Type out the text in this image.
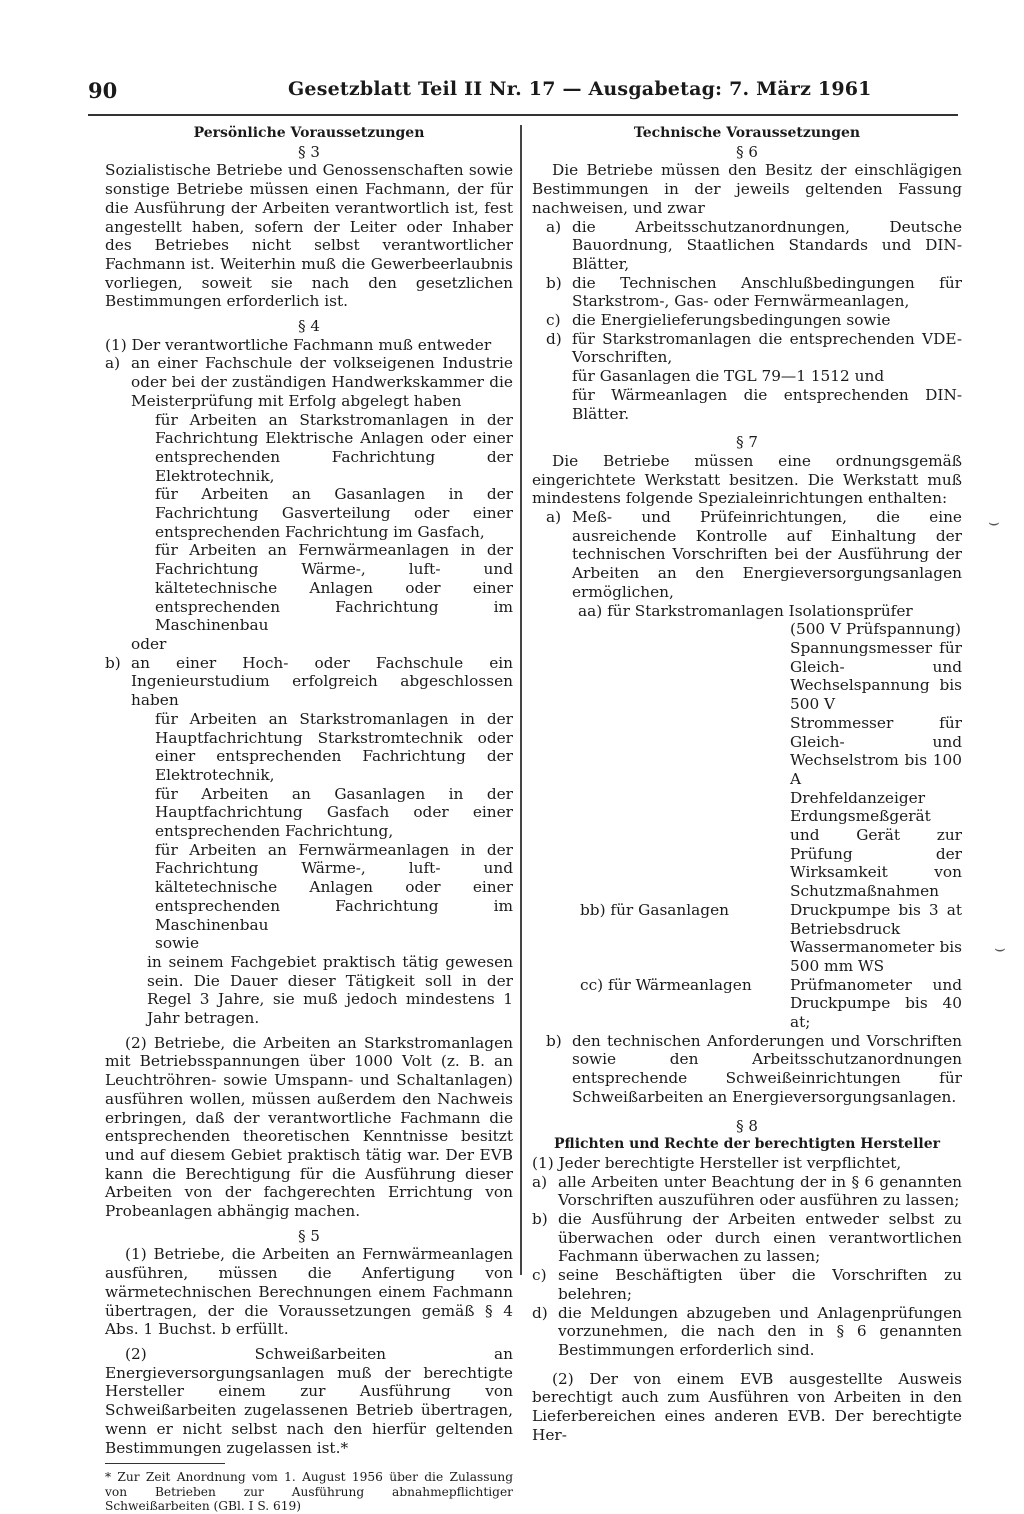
90	Gesetzblatt Teil II Nr. 17 — Ausgabetag: 7. März 1961

Persönliche Voraussetzungen

§ 3

Sozialistische Betriebe und Genossenschaften sowie sonstige Betriebe müssen einen Fachmann, der für die Ausführung der Arbeiten verantwortlich ist, fest angestellt haben, sofern der Leiter oder Inhaber des Betriebes nicht selbst verantwortlicher Fachmann ist. Weiterhin muß die Gewerbeerlaubnis vorliegen, soweit sie nach den gesetzlichen Bestimmungen erforderlich ist.

§ 4

(1) Der verantwortliche Fachmann muß entweder

a) an einer Fachschule der volkseigenen Industrie oder bei der zuständigen Handwerkskammer die Meisterprüfung mit Erfolg abgelegt haben

für Arbeiten an Starkstromanlagen in der Fachrichtung Elektrische Anlagen oder einer entsprechenden Fachrichtung der Elektrotechnik,

für Arbeiten an Gasanlagen in der Fachrichtung Gasverteilung oder einer entsprechenden Fachrichtung im Gasfach,

für Arbeiten an Fernwärmeanlagen in der Fachrichtung Wärme-, luft- und kältetechnische Anlagen oder einer entsprechenden Fachrichtung im Maschinenbau

oder

b) an einer Hoch- oder Fachschule ein Ingenieurstudium erfolgreich abgeschlossen haben

für Arbeiten an Starkstromanlagen in der Hauptfachrichtung Starkstromtechnik oder einer entsprechenden Fachrichtung der Elektrotechnik,

für Arbeiten an Gasanlagen in der Hauptfachrichtung Gasfach oder einer entsprechenden Fachrichtung,

für Arbeiten an Fernwärmeanlagen in der Fachrichtung Wärme-, luft- und kältetechnische Anlagen oder einer entsprechenden Fachrichtung im Maschinenbau

sowie

in seinem Fachgebiet praktisch tätig gewesen sein. Die Dauer dieser Tätigkeit soll in der Regel 3 Jahre, sie muß jedoch mindestens 1 Jahr betragen.

(2) Betriebe, die Arbeiten an Starkstromanlagen mit Betriebsspannungen über 1000 Volt (z. B. an Leuchtröhren- sowie Umspann- und Schaltanlagen) ausführen wollen, müssen außerdem den Nachweis erbringen, daß der verantwortliche Fachmann die entsprechenden theoretischen Kenntnisse besitzt und auf diesem Gebiet praktisch tätig war. Der EVB kann die Berechtigung für die Ausführung dieser Arbeiten von der fachgerechten Errichtung von Probeanlagen abhängig machen.

§ 5

(1) Betriebe, die Arbeiten an Fernwärmeanlagen ausführen, müssen die Anfertigung von wärmetechnischen Berechnungen einem Fachmann übertragen, der die Voraussetzungen gemäß § 4 Abs. 1 Buchst. b erfüllt.

(2) Schweißarbeiten an Energieversorgungsanlagen muß der berechtigte Hersteller einem zur Ausführung von Schweißarbeiten zugelassenen Betrieb übertragen, wenn er nicht selbst nach den hierfür geltenden Bestimmungen zugelassen ist.*

* Zur Zeit Anordnung vom 1. August 1956 über die Zulassung von Betrieben zur Ausführung abnahmepflichtiger Schweißarbeiten (GBl. I S. 619)

Technische Voraussetzungen

§ 6

Die Betriebe müssen den Besitz der einschlägigen Bestimmungen in der jeweils geltenden Fassung nachweisen, und zwar

a) die Arbeitsschutzanordnungen, Deutsche Bauordnung, Staatlichen Standards und DIN-Blätter,
b) die Technischen Anschlußbedingungen für Starkstrom-, Gas- oder Fernwärmeanlagen,
c) die Energielieferungsbedingungen sowie
d) für Starkstromanlagen die entsprechenden VDE-Vorschriften,

für Gasanlagen die TGL 79—1 1512 und

für Wärmeanlagen die entsprechenden DIN-Blätter.

§ 7

Die Betriebe müssen eine ordnungsgemäß eingerichtete Werkstatt besitzen. Die Werkstatt muß mindestens folgende Spezialeinrichtungen enthalten:

a) Meß- und Prüfeinrichtungen, die eine ausreichende Kontrolle auf Einhaltung der technischen Vorschriften bei der Ausführung der Arbeiten an den Energieversorgungsanlagen ermöglichen,

aa) für Starkstromanlagen Isolationsprüfer

(500 V Prüfspannung)

Spannungsmesser für Gleich- und Wechselspannung bis 500 V

Strommesser für Gleich- und Wechselstrom bis 100 A

Drehfeldanzeiger

Erdungsmeßgerät und Gerät zur Prüfung der Wirksamkeit von Schutzmaßnahmen

bb) für Gasanlagen	Druckpumpe bis 3 at Betriebsdruck

Wassermanometer bis 500 mm WS

cc) für Wärmeanlagen	Prüfmanometer und Druckpumpe bis 40 at;
b) den technischen Anforderungen und Vorschriften sowie den Arbeitsschutzanordnungen entsprechende Schweißeinrichtungen für Schweißarbeiten an Energieversorgungsanlagen.

§ 8

Pflichten und Rechte der berechtigten Hersteller

(1) Jeder berechtigte Hersteller ist verpflichtet,

a) alle Arbeiten unter Beachtung der in § 6 genannten Vorschriften auszuführen oder ausführen zu lassen;
b) die Ausführung der Arbeiten entweder selbst zu überwachen oder durch einen verantwortlichen Fachmann überwachen zu lassen;
c) seine Beschäftigten über die Vorschriften zu belehren;
d) die Meldungen abzugeben und Anlagenprüfungen vorzunehmen, die nach den in § 6 genannten Bestimmungen erforderlich sind.

(2) Der von einem EVB ausgestellte Ausweis berechtigt auch zum Ausführen von Arbeiten in den Lieferbereichen eines anderen EVB. Der berechtigte Her-

⌣
⌣
